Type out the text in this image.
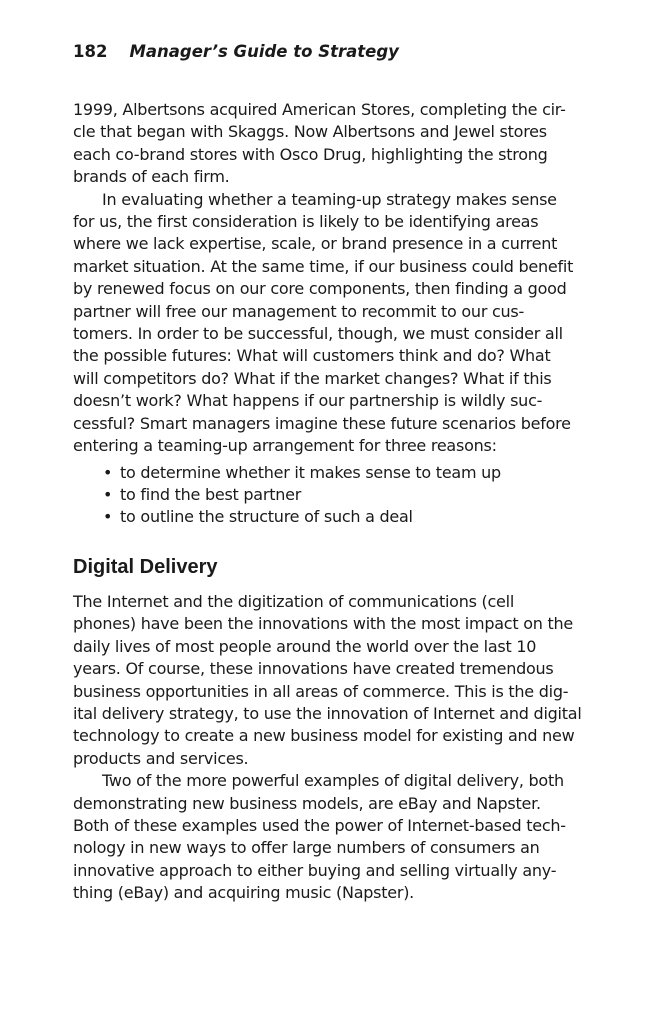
182 Manager’s Guide to Strategy
1999, Albertsons acquired American Stores, completing the cir-
cle that began with Skaggs. Now Albertsons and Jewel stores
each co-brand stores with Osco Drug, highlighting the strong
brands of each firm.
In evaluating whether a teaming-up strategy makes sense
for us, the first consideration is likely to be identifying areas
where we lack expertise, scale, or brand presence in a current
market situation. At the same time, if our business could benefit
by renewed focus on our core components, then finding a good
partner will free our management to recommit to our cus-
tomers. In order to be successful, though, we must consider all
the possible futures: What will customers think and do? What
will competitors do? What if the market changes? What if this
doesn’t work? What happens if our partnership is wildly suc-
cessful? Smart managers imagine these future scenarios before
entering a teaming-up arrangement for three reasons:
• to determine whether it makes sense to team up
• to find the best partner
• to outline the structure of such a deal
Digital Delivery
The Internet and the digitization of communications (cell
phones) have been the innovations with the most impact on the
daily lives of most people around the world over the last 10
years. Of course, these innovations have created tremendous
business opportunities in all areas of commerce. This is the dig-
ital delivery strategy, to use the innovation of Internet and digital
technology to create a new business model for existing and new
products and services.
Two of the more powerful examples of digital delivery, both
demonstrating new business models, are eBay and Napster.
Both of these examples used the power of Internet-based tech-
nology in new ways to offer large numbers of consumers an
innovative approach to either buying and selling virtually any-
thing (eBay) and acquiring music (Napster).
